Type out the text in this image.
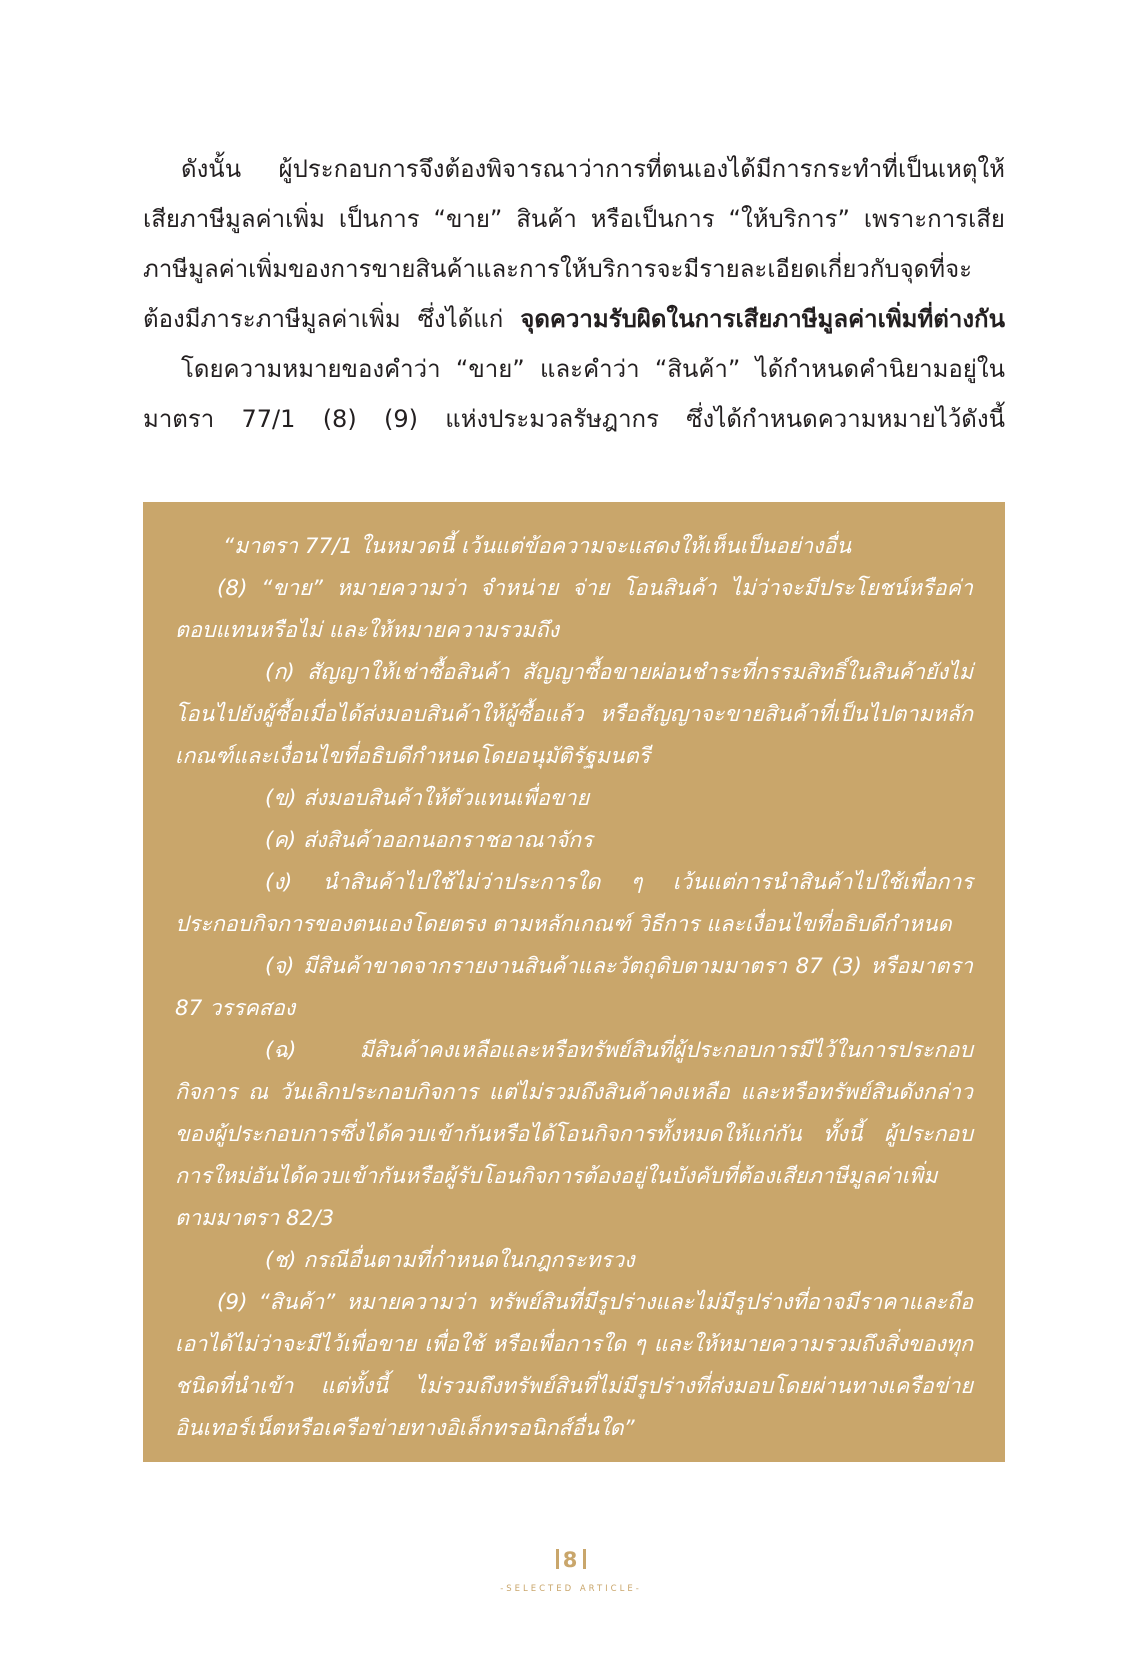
ดังนั้น ผู้ประกอบการจึงต้องพิจารณาว่าการที่ตนเองได้มีการกระทำที่เป็นเหตุให้เสียภาษีมูลค่าเพิ่ม เป็นการ “ขาย” สินค้า หรือเป็นการ “ให้บริการ” เพราะการเสียภาษีมูลค่าเพิ่มของการขายสินค้าและการให้บริการจะมีรายละเอียดเกี่ยวกับจุดที่จะต้องมีภาระภาษีมูลค่าเพิ่ม ซึ่งได้แก่ จุดความรับผิดในการเสียภาษีมูลค่าเพิ่มที่ต่างกัน

โดยความหมายของคำว่า “ขาย” และคำว่า “สินค้า” ได้กำหนดคำนิยามอยู่ในมาตรา 77/1 (8) (9) แห่งประมวลรัษฎากร ซึ่งได้กำหนดความหมายไว้ดังนี้

“มาตรา 77/1 ในหมวดนี้ เว้นแต่ข้อความจะแสดงให้เห็นเป็นอย่างอื่น

(8) “ขาย” หมายความว่า จำหน่าย จ่าย โอนสินค้า ไม่ว่าจะมีประโยชน์หรือค่าตอบแทนหรือไม่ และให้หมายความรวมถึง

(ก) สัญญาให้เช่าซื้อสินค้า สัญญาซื้อขายผ่อนชำระที่กรรมสิทธิ์ในสินค้ายังไม่โอนไปยังผู้ซื้อเมื่อได้ส่งมอบสินค้าให้ผู้ซื้อแล้ว หรือสัญญาจะขายสินค้าที่เป็นไปตามหลักเกณฑ์และเงื่อนไขที่อธิบดีกำหนดโดยอนุมัติรัฐมนตรี

(ข) ส่งมอบสินค้าให้ตัวแทนเพื่อขาย

(ค) ส่งสินค้าออกนอกราชอาณาจักร

(ง) นำสินค้าไปใช้ไม่ว่าประการใด ๆ เว้นแต่การนำสินค้าไปใช้เพื่อการประกอบกิจการของตนเองโดยตรง ตามหลักเกณฑ์ วิธีการ และเงื่อนไขที่อธิบดีกำหนด

(จ) มีสินค้าขาดจากรายงานสินค้าและวัตถุดิบตามมาตรา 87 (3) หรือมาตรา 87 วรรคสอง

(ฉ) มีสินค้าคงเหลือและหรือทรัพย์สินที่ผู้ประกอบการมีไว้ในการประกอบกิจการ ณ วันเลิกประกอบกิจการ แต่ไม่รวมถึงสินค้าคงเหลือ และหรือทรัพย์สินดังกล่าวของผู้ประกอบการซึ่งได้ควบเข้ากันหรือได้โอนกิจการทั้งหมดให้แก่กัน ทั้งนี้ ผู้ประกอบการใหม่อันได้ควบเข้ากันหรือผู้รับโอนกิจการต้องอยู่ในบังคับที่ต้องเสียภาษีมูลค่าเพิ่มตามมาตรา 82/3

(ช) กรณีอื่นตามที่กำหนดในกฎกระทรวง

(9) “สินค้า” หมายความว่า ทรัพย์สินที่มีรูปร่างและไม่มีรูปร่างที่อาจมีราคาและถือเอาได้ไม่ว่าจะมีไว้เพื่อขาย เพื่อใช้ หรือเพื่อการใด ๆ และให้หมายความรวมถึงสิ่งของทุกชนิดที่นำเข้า แต่ทั้งนี้ ไม่รวมถึงทรัพย์สินที่ไม่มีรูปร่างที่ส่งมอบโดยผ่านทางเครือข่ายอินเทอร์เน็ตหรือเครือข่ายทางอิเล็กทรอนิกส์อื่นใด”

8
-SELECTED ARTICLE-
